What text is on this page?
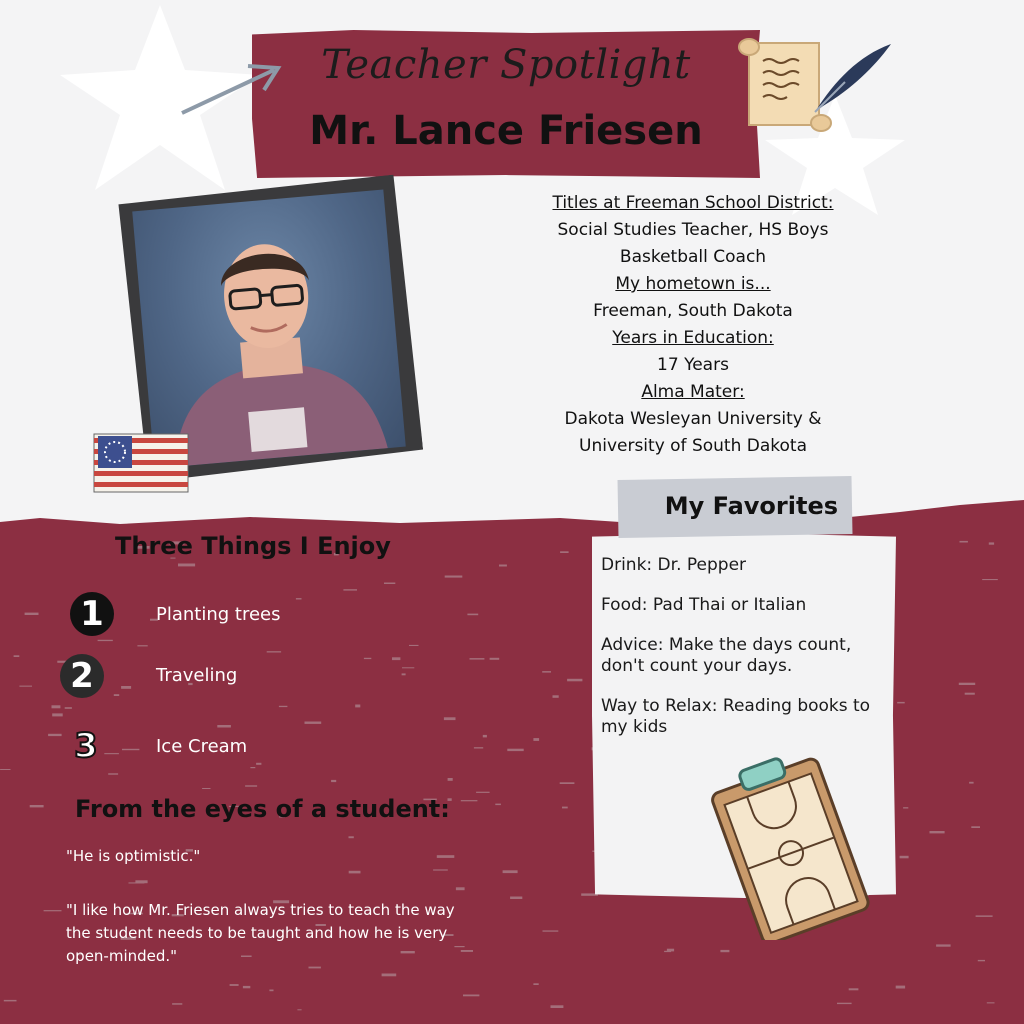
Teacher Spotlight
Mr. Lance Friesen
Titles at Freeman School District:
Social Studies Teacher, HS Boys
Basketball Coach
My hometown is...
Freeman, South Dakota
Years in Education:
17 Years
Alma Mater:
Dakota Wesleyan University &
University of South Dakota
My Favorites
Drink: Dr. Pepper
Food: Pad Thai or Italian
Advice: Make the days count, don't count your days.
Way to Relax: Reading books to my kids
Three Things I Enjoy
1	Planting trees
2	Traveling
3	Ice Cream
From the eyes of a student:
"He is optimistic."
"I like how Mr. Friesen always tries to teach the way the student needs to be taught and how he is very open-minded."
